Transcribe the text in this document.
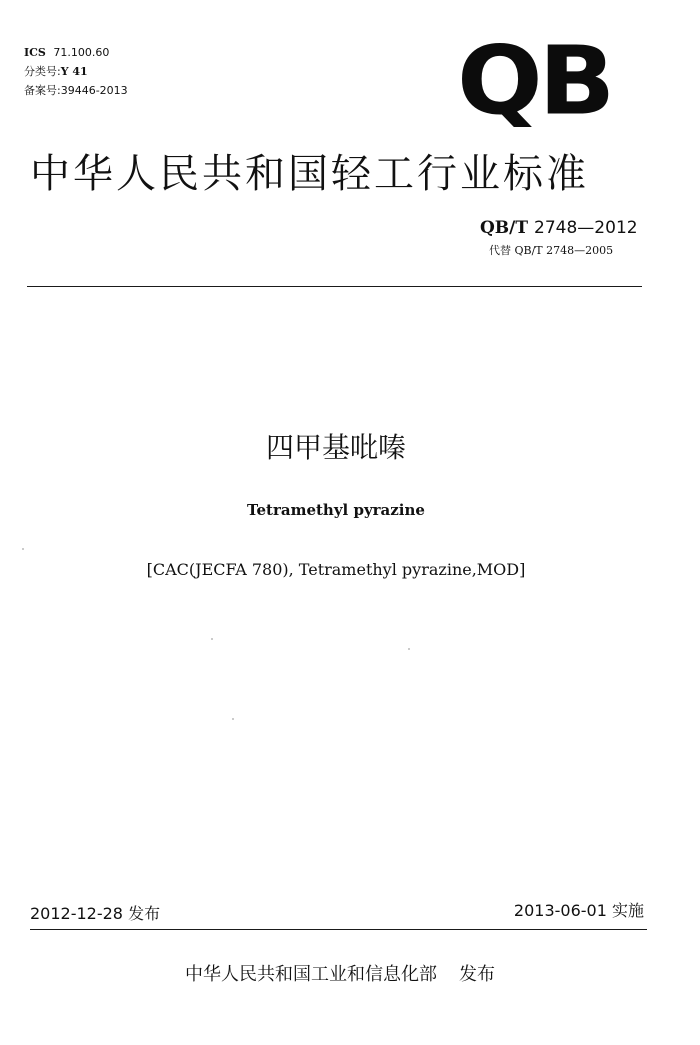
ICS 71.100.60
分类号:Y 41
备案号:39446-2013	QB
中华人民共和国轻工行业标准
QB/T 2748—2012
代替 QB/T 2748—2005
四甲基吡嗪
Tetramethyl pyrazine
[CAC(JECFA 780), Tetramethyl pyrazine,MOD]
2012-12-28 发布	2013-06-01 实施
中华人民共和国工业和信息化部 发布
